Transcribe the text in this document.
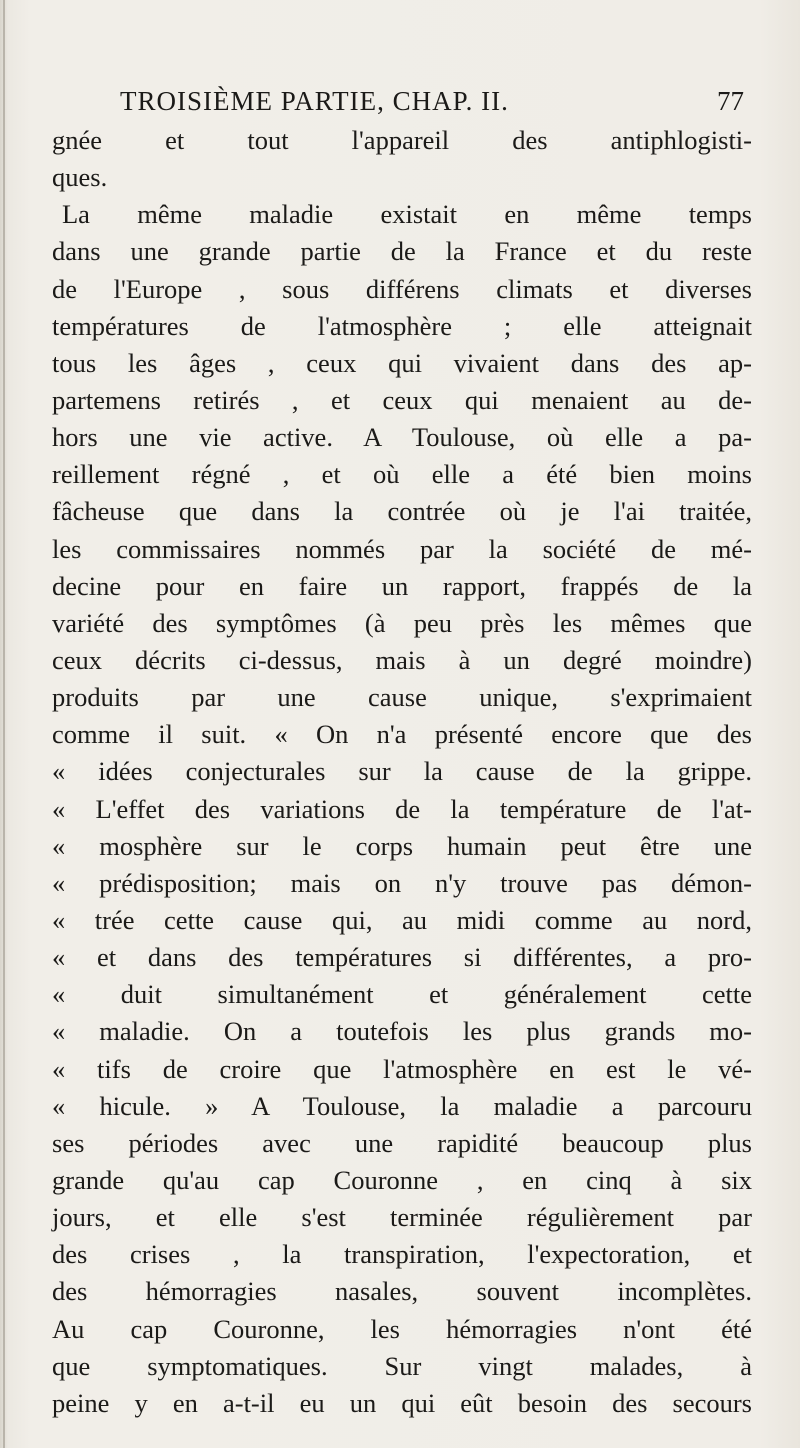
TROISIÈME PARTIE, CHAP. II.	77
gnée et tout l'appareil des antiphlogisti-
ques.
La même maladie existait en même temps
dans une grande partie de la France et du reste
de l'Europe , sous différens climats et diverses
températures de l'atmosphère ; elle atteignait
tous les âges , ceux qui vivaient dans des ap-
partemens retirés , et ceux qui menaient au de-
hors une vie active. A Toulouse, où elle a pa-
reillement régné , et où elle a été bien moins
fâcheuse que dans la contrée où je l'ai traitée,
les commissaires nommés par la société de mé-
decine pour en faire un rapport, frappés de la
variété des symptômes (à peu près les mêmes que
ceux décrits ci-dessus, mais à un degré moindre)
produits par une cause unique, s'exprimaient
comme il suit. « On n'a présenté encore que des
« idées conjecturales sur la cause de la grippe.
« L'effet des variations de la température de l'at-
« mosphère sur le corps humain peut être une
« prédisposition; mais on n'y trouve pas démon-
« trée cette cause qui, au midi comme au nord,
« et dans des températures si différentes, a pro-
« duit simultanément et généralement cette
« maladie. On a toutefois les plus grands mo-
« tifs de croire que l'atmosphère en est le vé-
« hicule. » A Toulouse, la maladie a parcouru
ses périodes avec une rapidité beaucoup plus
grande qu'au cap Couronne , en cinq à six
jours, et elle s'est terminée régulièrement par
des crises , la transpiration, l'expectoration, et
des hémorragies nasales, souvent incomplètes.
Au cap Couronne, les hémorragies n'ont été
que symptomatiques. Sur vingt malades, à
peine y en a-t-il eu un qui eût besoin des secours
